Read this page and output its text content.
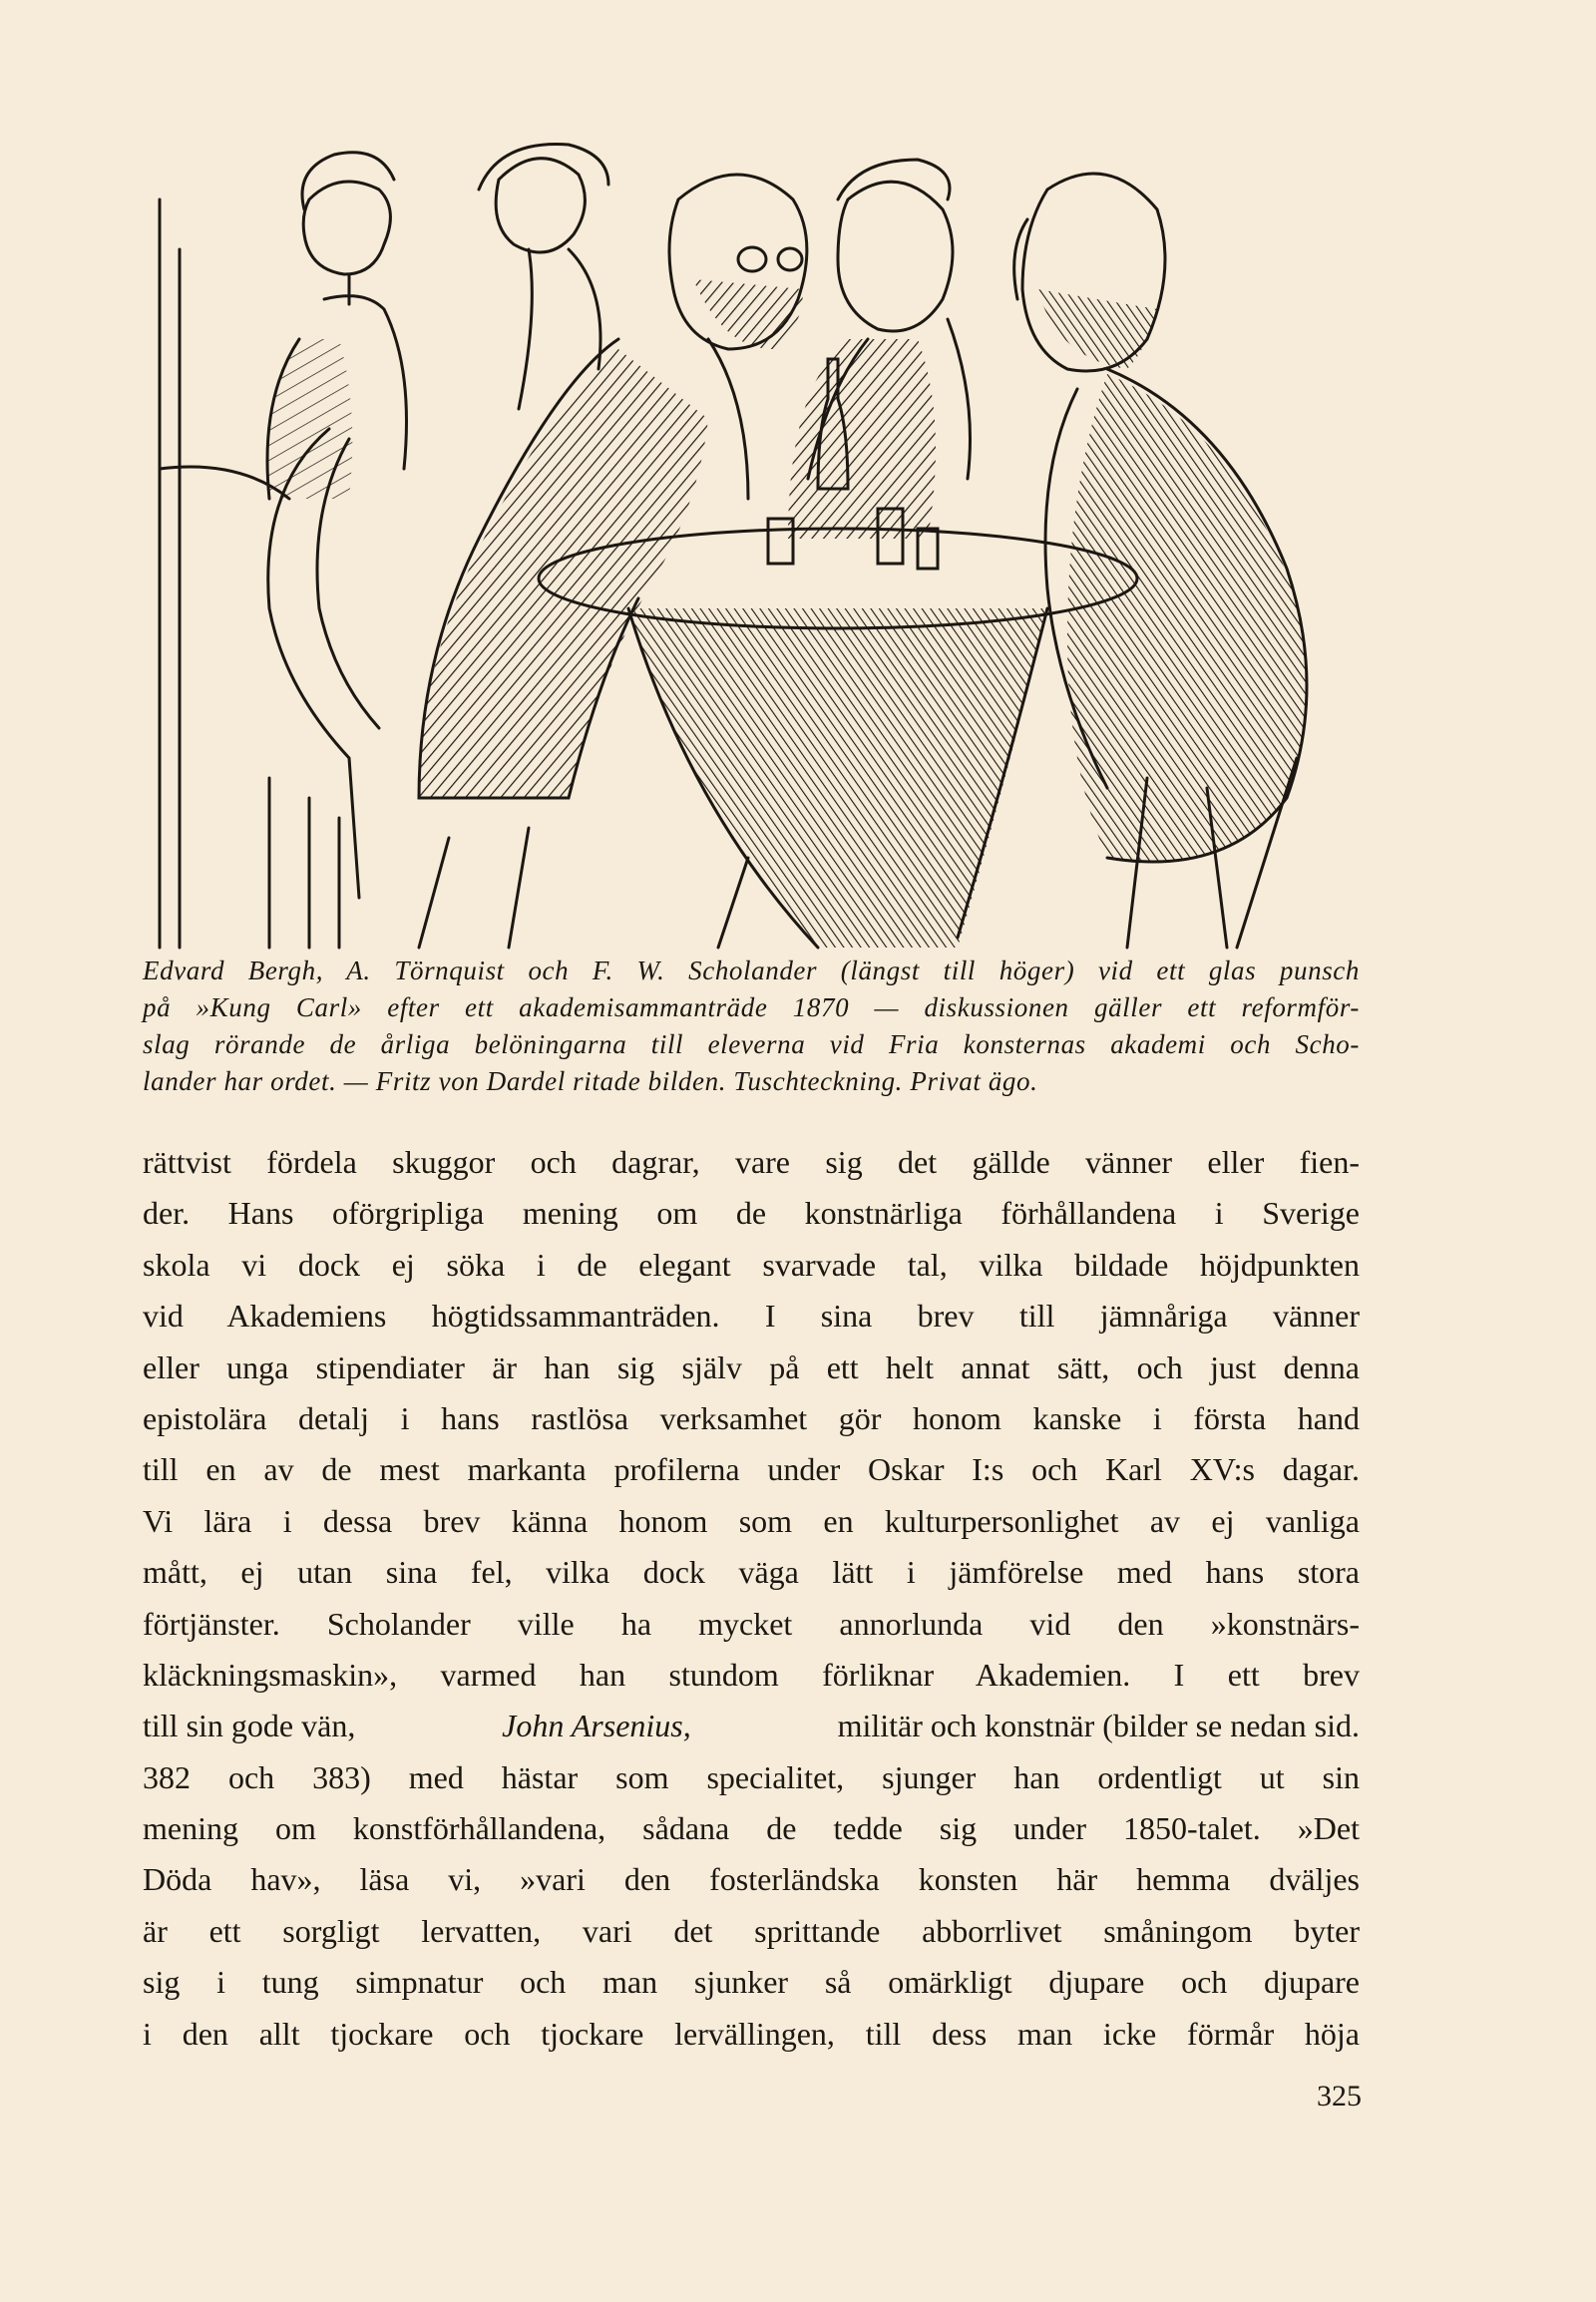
Edvard Bergh, A. Törnquist och F. W. Scholander (längst till höger) vid ett glas punsch
på »Kung Carl» efter ett akademisammanträde 1870 — diskussionen gäller ett reformför-
slag rörande de årliga belöningarna till eleverna vid Fria konsternas akademi och Scho-
lander har ordet. — Fritz von Dardel ritade bilden. Tuschteckning. Privat ägo.
rättvist fördela skuggor och dagrar, vare sig det gällde vänner eller fien-
der. Hans oförgripliga mening om de konstnärliga förhållandena i Sverige
skola vi dock ej söka i de elegant svarvade tal, vilka bildade höjdpunkten
vid Akademiens högtidssammanträden. I sina brev till jämnåriga vänner
eller unga stipendiater är han sig själv på ett helt annat sätt, och just denna
epistolära detalj i hans rastlösa verksamhet gör honom kanske i första hand
till en av de mest markanta profilerna under Oskar I:s och Karl XV:s dagar.
Vi lära i dessa brev känna honom som en kulturpersonlighet av ej vanliga
mått, ej utan sina fel, vilka dock väga lätt i jämförelse med hans stora
förtjänster. Scholander ville ha mycket annorlunda vid den »konstnärs-
kläckningsmaskin», varmed han stundom förliknar Akademien. I ett brev
till sin gode vän,	John Arsenius,	militär och konstnär (bilder se nedan sid.
382 och 383) med hästar som specialitet, sjunger han ordentligt ut sin
mening om konstförhållandena, sådana de tedde sig under 1850-talet. »Det
Döda hav», läsa vi, »vari den fosterländska konsten här hemma dväljes
är ett sorgligt lervatten, vari det sprittande abborrlivet småningom byter
sig i tung simpnatur och man sjunker så omärkligt djupare och djupare
i den allt tjockare och tjockare lervällingen, till dess man icke förmår höja
325
